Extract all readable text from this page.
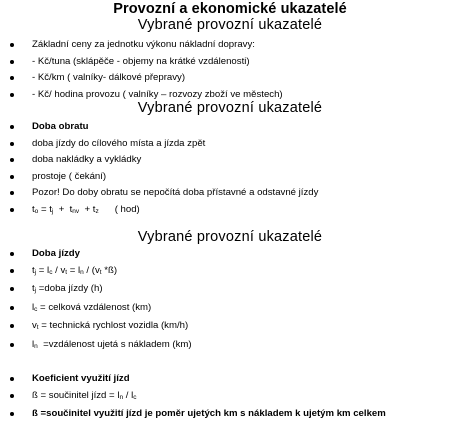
Provozní a ekonomické ukazatelé
Vybrané provozní ukazatelé
Základní ceny za jednotku výkonu nákladní dopravy:
- Kč/tuna (sklápěče - objemy na krátké vzdálenosti)
- Kč/km ( valníky- dálkové přepravy)
- Kč/ hodina provozu ( valníky – rozvozy zboží ve městech)
Vybrané provozní ukazatelé
Doba obratu
doba jízdy do cílového místa a jízda zpět
doba nakládky a vykládky
prostoje ( čekání)
Pozor! Do doby obratu se nepočítá doba přístavné a odstavné jízdy
$t_o = t_j + t_{nv} + t_z$ ( hod)
Vybrané provozní ukazatelé
Doba jízdy
$t_j = l_c / v_t = l_n / (v_t$ *ß)
$t_j$ =doba jízdy (h)
$l_c$ = celková vzdálenost (km)
$v_t$ = technická rychlost vozidla (km/h)
$l_n$  =vzdálenost ujetá s nákladem (km)
Koeficient využití jízd
ß = součinitel jízd = $l_n / l_c$
ß =součinitel využití jízd je poměr ujetých km s nákladem k ujetým km celkem
